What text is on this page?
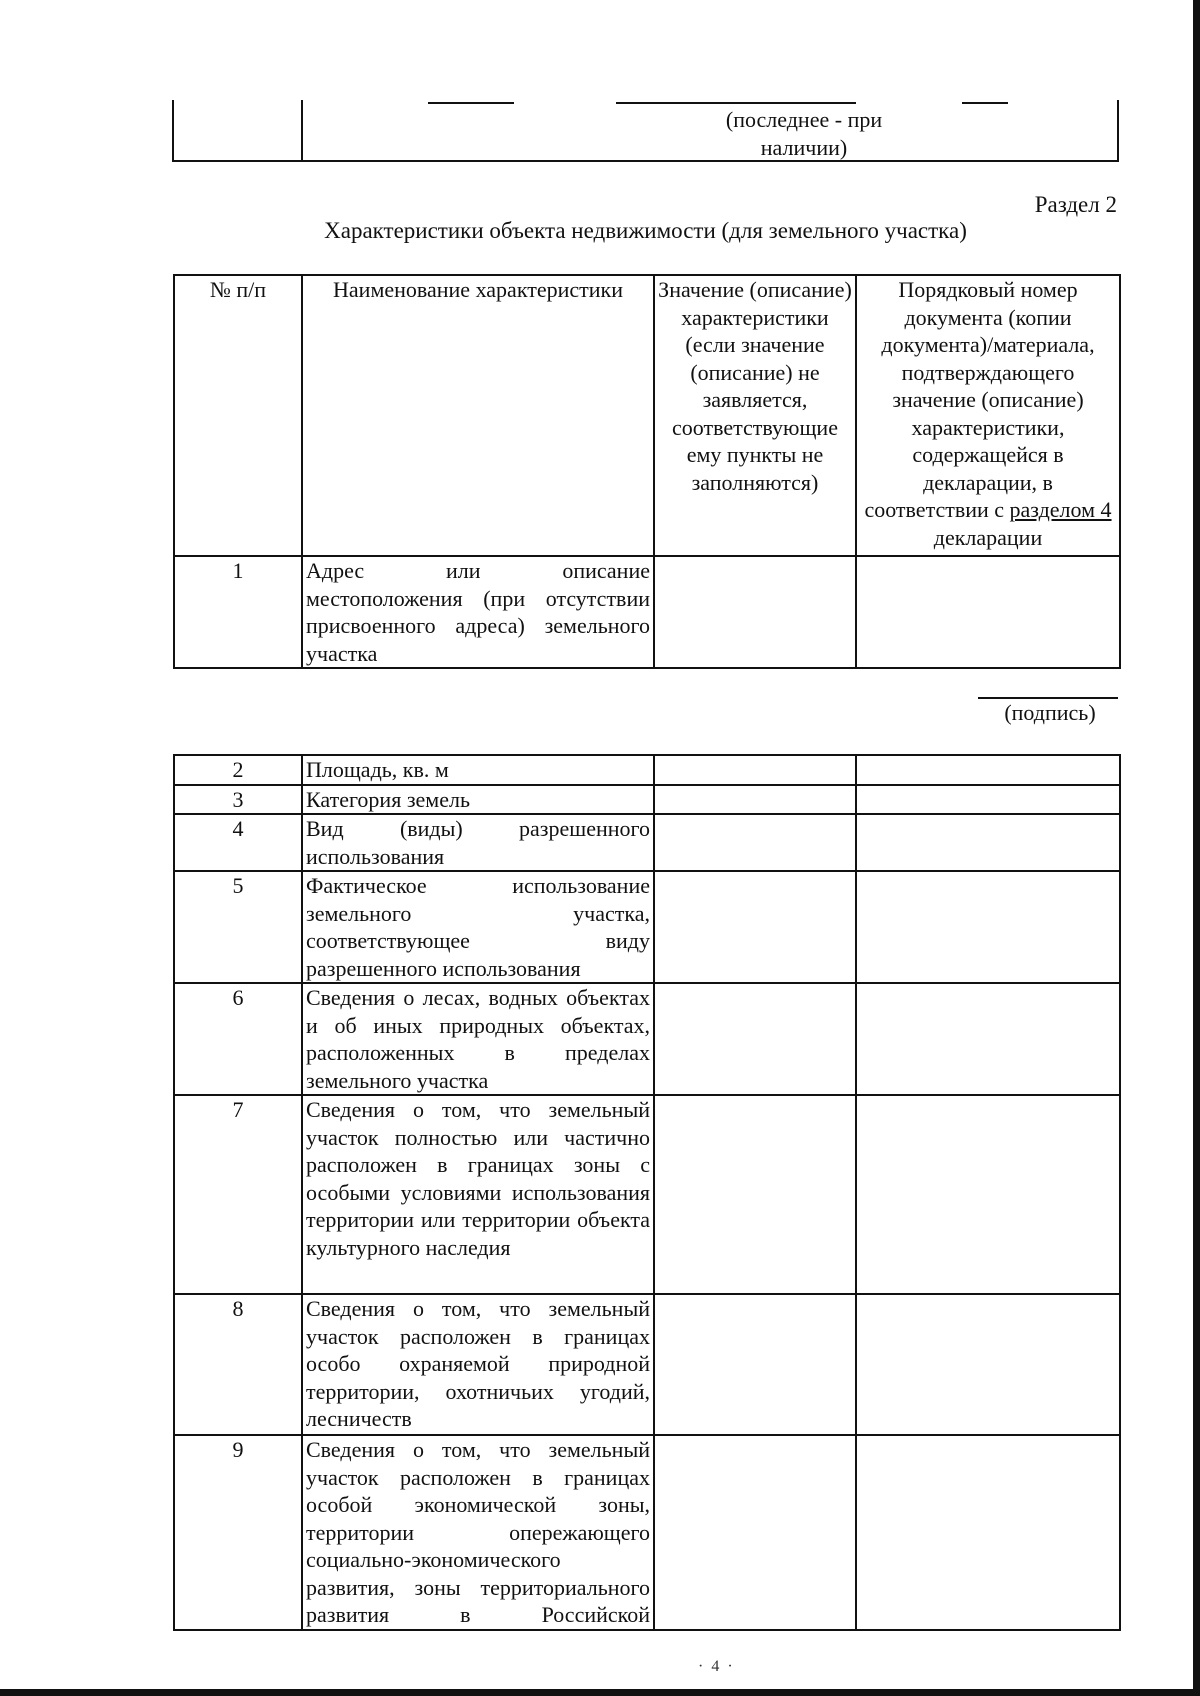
(последнее - при
наличии)
Раздел 2
Характеристики объекта недвижимости (для земельного участка)
№ п/п	Наименование характеристики	Значение (описание) характеристики (если значение (описание) не заявляется, соответствующие ему пункты не заполняются)	Порядковый номер документа (копии документа)/материала, подтверждающего значение (описание) характеристики, содержащейся в декларации, в соответствии с разделом 4 декларации
1	Адрес или описание местоположения (при отсутствии присвоенного адреса) земельного участка		
(подпись)
2	Площадь, кв. м		
3	Категория земель		
4	Вид (виды) разрешенного использования		
5	Фактическое использование земельного участка, соответствующее виду разрешенного использования		
6	Сведения о лесах, водных объектах и об иных природных объектах, расположенных в пределах земельного участка		
7	Сведения о том, что земельный участок полностью или частично расположен в границах зоны с особыми условиями использования территории или территории объекта культурного наследия		
8	Сведения о том, что земельный участок расположен в границах особо охраняемой природной территории, охотничьих угодий, лесничеств		
9	Сведения о том, что земельный участок расположен в границах особой экономической зоны, территории опережающего социально-экономического развития, зоны территориального развития в Российской		
· 4 ·
